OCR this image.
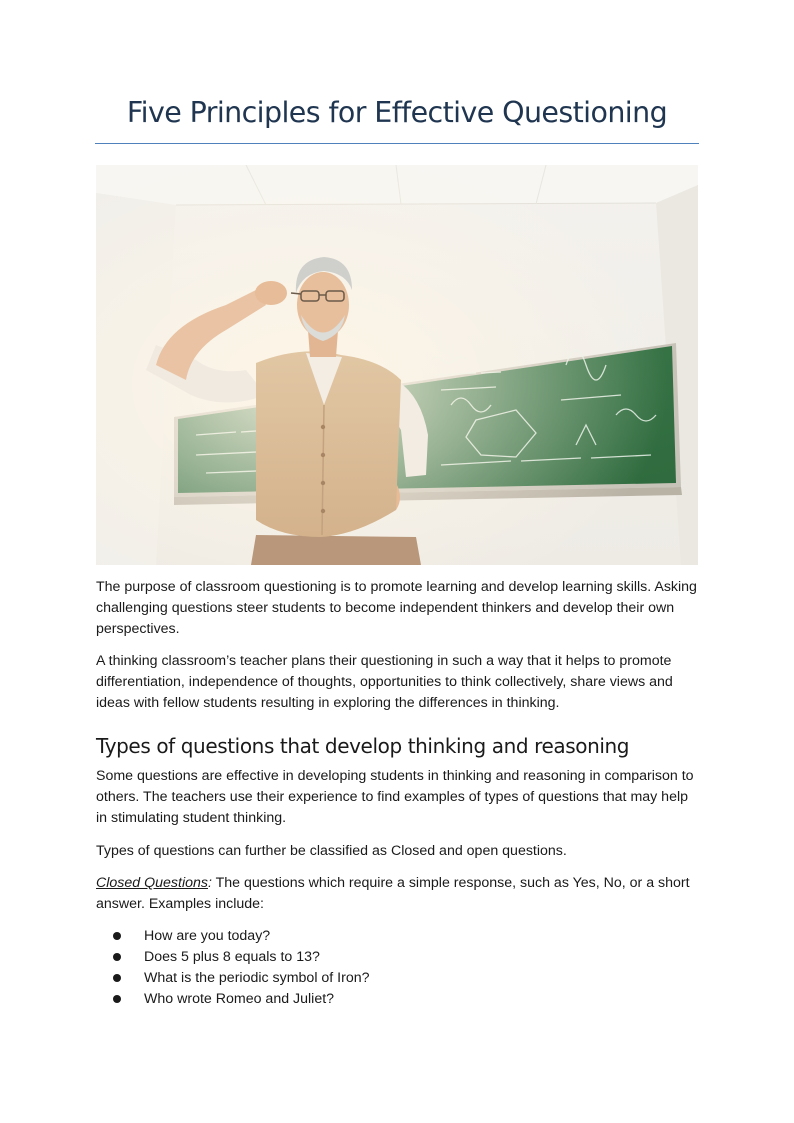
Five Principles for Effective Questioning

The purpose of classroom questioning is to promote learning and develop learning skills. Asking challenging questions steer students to become independent thinkers and develop their own perspectives.

A thinking classroom’s teacher plans their questioning in such a way that it helps to promote differentiation, independence of thoughts, opportunities to think collectively, share views and ideas with fellow students resulting in exploring the differences in thinking.

Types of questions that develop thinking and reasoning

Some questions are effective in developing students in thinking and reasoning in comparison to others. The teachers use their experience to find examples of types of questions that may help in stimulating student thinking.

Types of questions can further be classified as Closed and open questions.

Closed Questions: The questions which require a simple response, such as Yes, No, or a short answer. Examples include:

How are you today?
Does 5 plus 8 equals to 13?
What is the periodic symbol of Iron?
Who wrote Romeo and Juliet?
